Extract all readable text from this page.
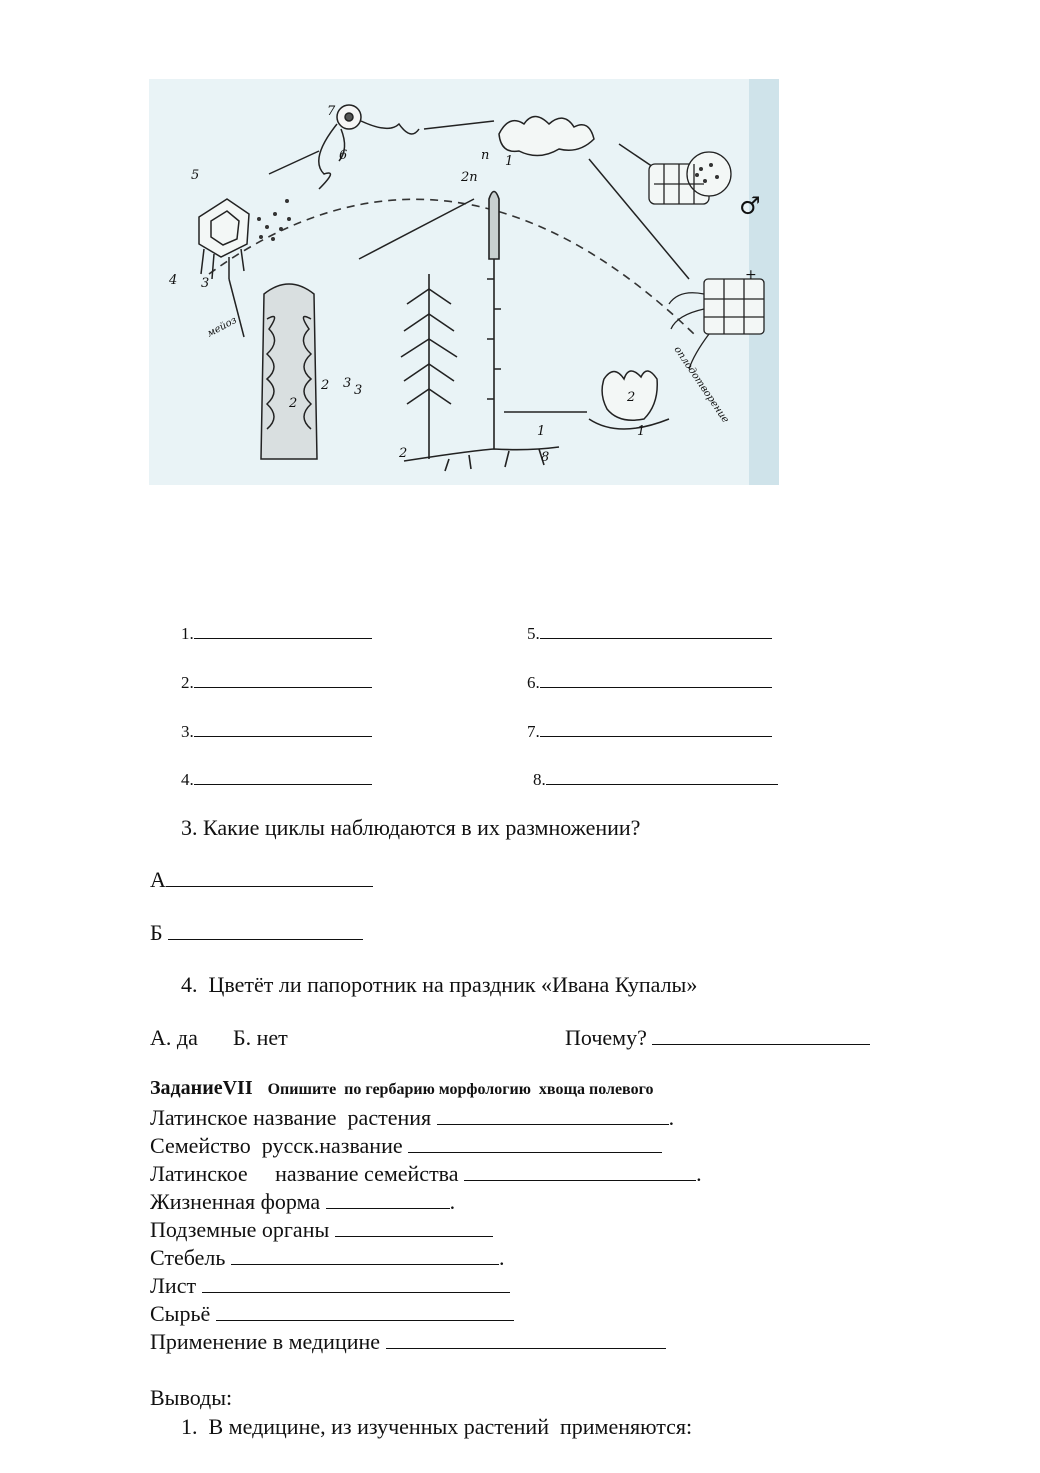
1
2
3
4
5
6
7
8
n
2n
1
2
3
1
2
2 3
мейоз
оплодотворение
♂
+
1.
2.
3.
4.
5.
6.
7.
8.
3. Какие циклы наблюдаются в их размножении?
А
Б
4.  Цветёт ли папоротник на праздник «Ивана Купалы»
А. да Б. нет	Почему?
ЗаданиеVII Опишите  по гербарию морфологию  хвоща полевого
Латинское название  растения	.
Семейство  русск.название
Латинское     название семейства	.
Жизненная форма	.
Подземные органы
Стебель	.
Лист
Сырьё
Применение в медицине
Выводы:
1.  В медицине, из изученных растений  применяются:
